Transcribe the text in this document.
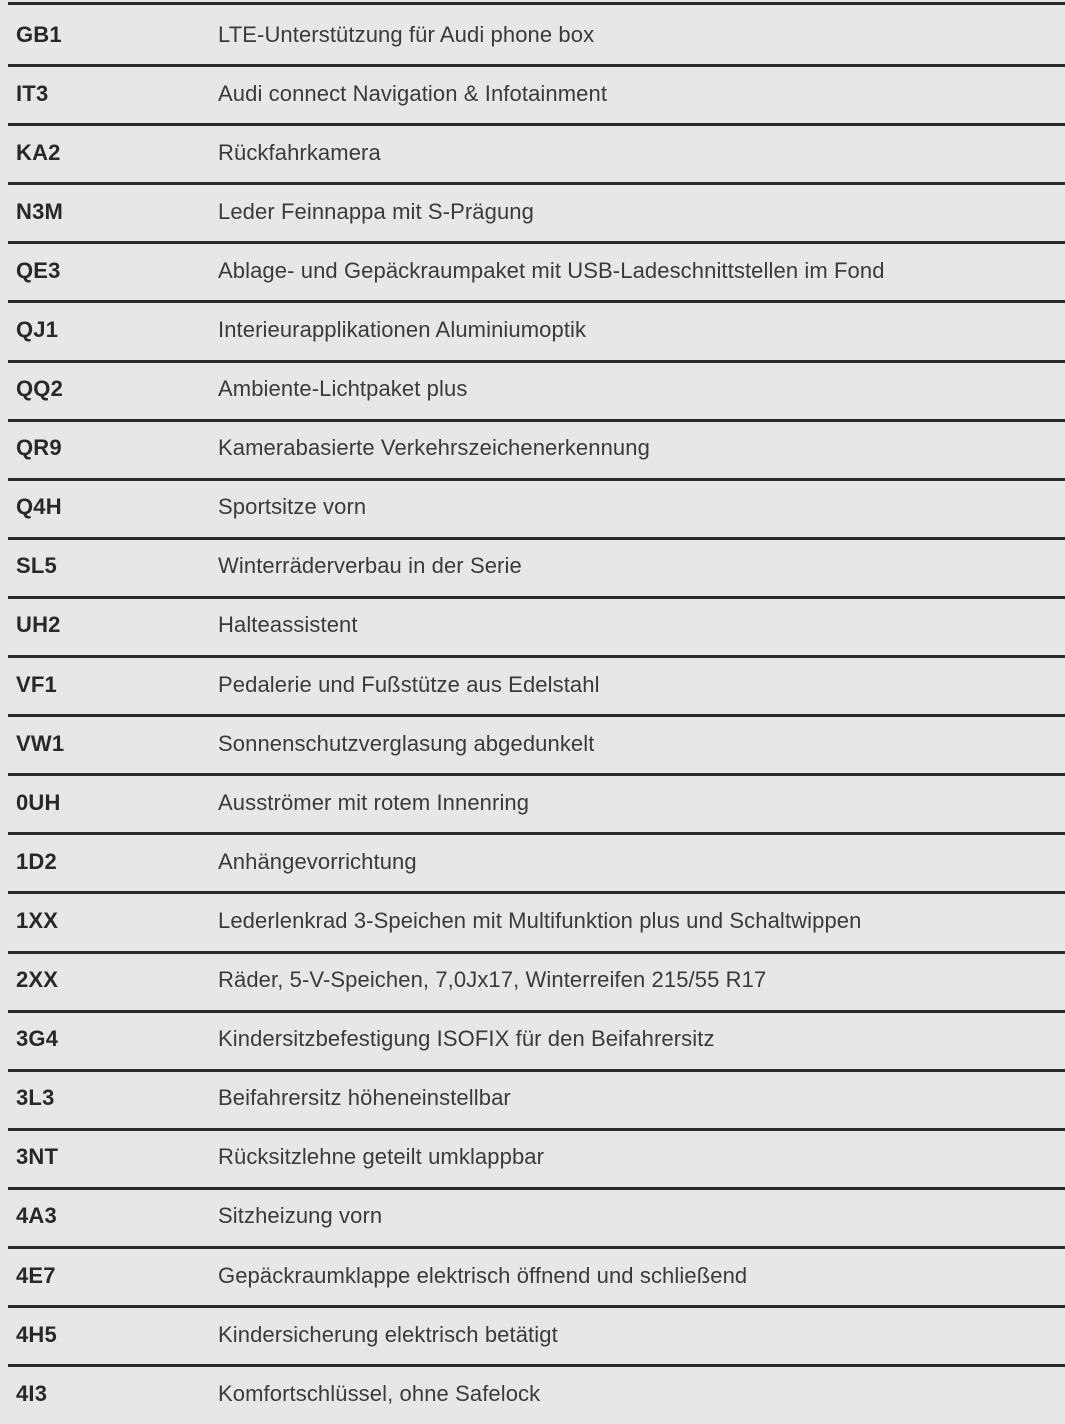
GB1	LTE-Unterstützung für Audi phone box
IT3	Audi connect Navigation & Infotainment
KA2	Rückfahrkamera
N3M	Leder Feinnappa mit S-Prägung
QE3	Ablage- und Gepäckraumpaket mit USB-Ladeschnittstellen im Fond
QJ1	Interieurapplikationen Aluminiumoptik
QQ2	Ambiente-Lichtpaket plus
QR9	Kamerabasierte Verkehrszeichenerkennung
Q4H	Sportsitze vorn
SL5	Winterräderverbau in der Serie
UH2	Halteassistent
VF1	Pedalerie und Fußstütze aus Edelstahl
VW1	Sonnenschutzverglasung abgedunkelt
0UH	Ausströmer mit rotem Innenring
1D2	Anhängevorrichtung
1XX	Lederlenkrad 3-Speichen mit Multifunktion plus und Schaltwippen
2XX	Räder, 5-V-Speichen, 7,0Jx17, Winterreifen 215/55 R17
3G4	Kindersitzbefestigung ISOFIX für den Beifahrersitz
3L3	Beifahrersitz höheneinstellbar
3NT	Rücksitzlehne geteilt umklappbar
4A3	Sitzheizung vorn
4E7	Gepäckraumklappe elektrisch öffnend und schließend
4H5	Kindersicherung elektrisch betätigt
4I3	Komfortschlüssel, ohne Safelock
